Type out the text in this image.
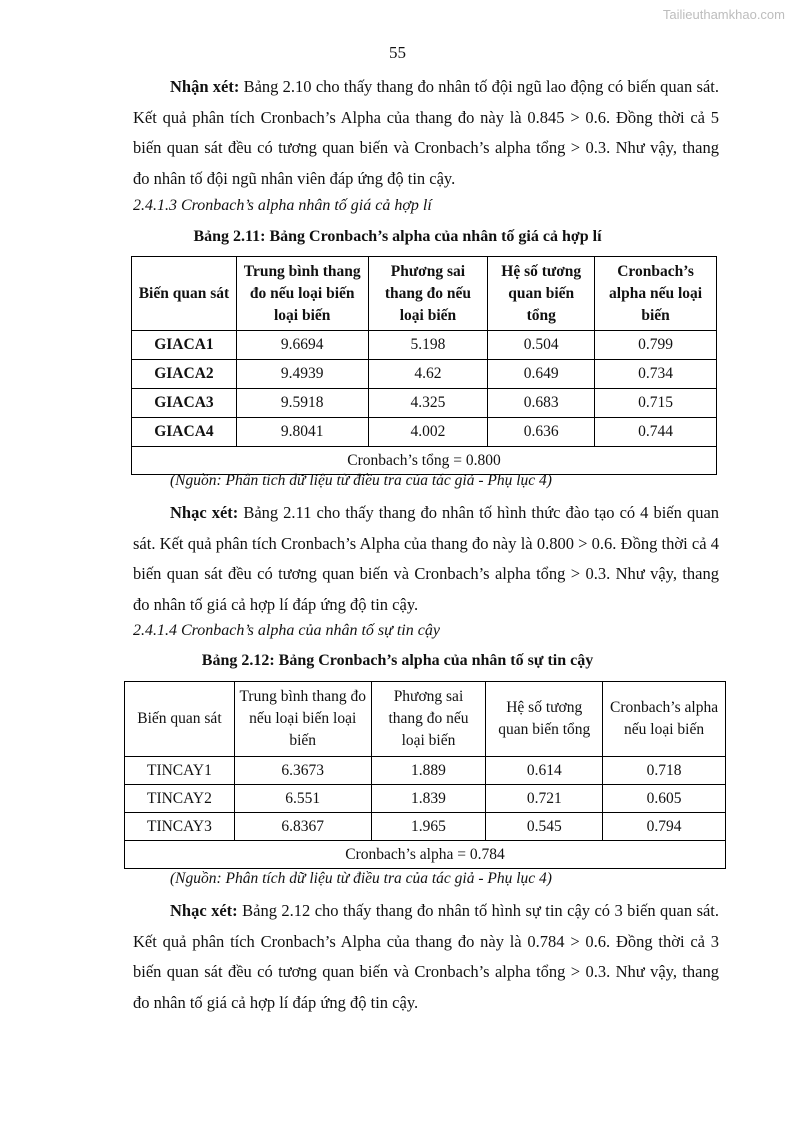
Tailieuthamkhao.com
55

Nhận xét: Bảng 2.10 cho thấy thang đo nhân tố đội ngũ lao động có biến quan sát. Kết quả phân tích Cronbach’s Alpha của thang đo này là 0.845 > 0.6. Đồng thời cả 5 biến quan sát đều có tương quan biến và Cronbach’s alpha tổng > 0.3. Như vậy, thang đo nhân tố đội ngũ nhân viên đáp ứng độ tin cậy.

2.4.1.3 Cronbach’s alpha nhân tố giá cả hợp lí

Bảng 2.11: Bảng Cronbach’s alpha của nhân tố giá cả hợp lí

Biến quan sát	Trung bình thang đo nếu loại biến loại biến	Phương sai thang đo nếu loại biến	Hệ số tương quan biến tổng	Cronbach’s alpha nếu loại biến
GIACA1	9.6694	5.198	0.504	0.799
GIACA2	9.4939	4.62	0.649	0.734
GIACA3	9.5918	4.325	0.683	0.715
GIACA4	9.8041	4.002	0.636	0.744
Cronbach’s tổng = 0.800				

(Nguồn: Phân tích dữ liệu từ điều tra của tác giả - Phụ lục 4)

Nhạc xét: Bảng 2.11 cho thấy thang đo nhân tố hình thức đào tạo có 4 biến quan sát. Kết quả phân tích Cronbach’s Alpha của thang đo này là 0.800 > 0.6. Đồng thời cả 4 biến quan sát đều có tương quan biến và Cronbach’s alpha tổng > 0.3. Như vậy, thang đo nhân tố giá cả hợp lí đáp ứng độ tin cậy.

2.4.1.4 Cronbach’s alpha của nhân tố sự tin cậy

Bảng 2.12: Bảng Cronbach’s alpha của nhân tố sự tin cậy

Biến quan sát	Trung bình thang đo nếu loại biến loại biến	Phương sai thang đo nếu loại biến	Hệ số tương quan biến tổng	Cronbach’s alpha nếu loại biến
TINCAY1	6.3673	1.889	0.614	0.718
TINCAY2	6.551	1.839	0.721	0.605
TINCAY3	6.8367	1.965	0.545	0.794
Cronbach’s alpha = 0.784				

(Nguồn: Phân tích dữ liệu từ điều tra của tác giả - Phụ lục 4)

Nhạc xét: Bảng 2.12 cho thấy thang đo nhân tố hình sự tin cậy có 3 biến quan sát. Kết quả phân tích Cronbach’s Alpha của thang đo này là 0.784 > 0.6. Đồng thời cả 3 biến quan sát đều có tương quan biến và Cronbach’s alpha tổng > 0.3. Như vậy, thang đo nhân tố giá cả hợp lí đáp ứng độ tin cậy.
